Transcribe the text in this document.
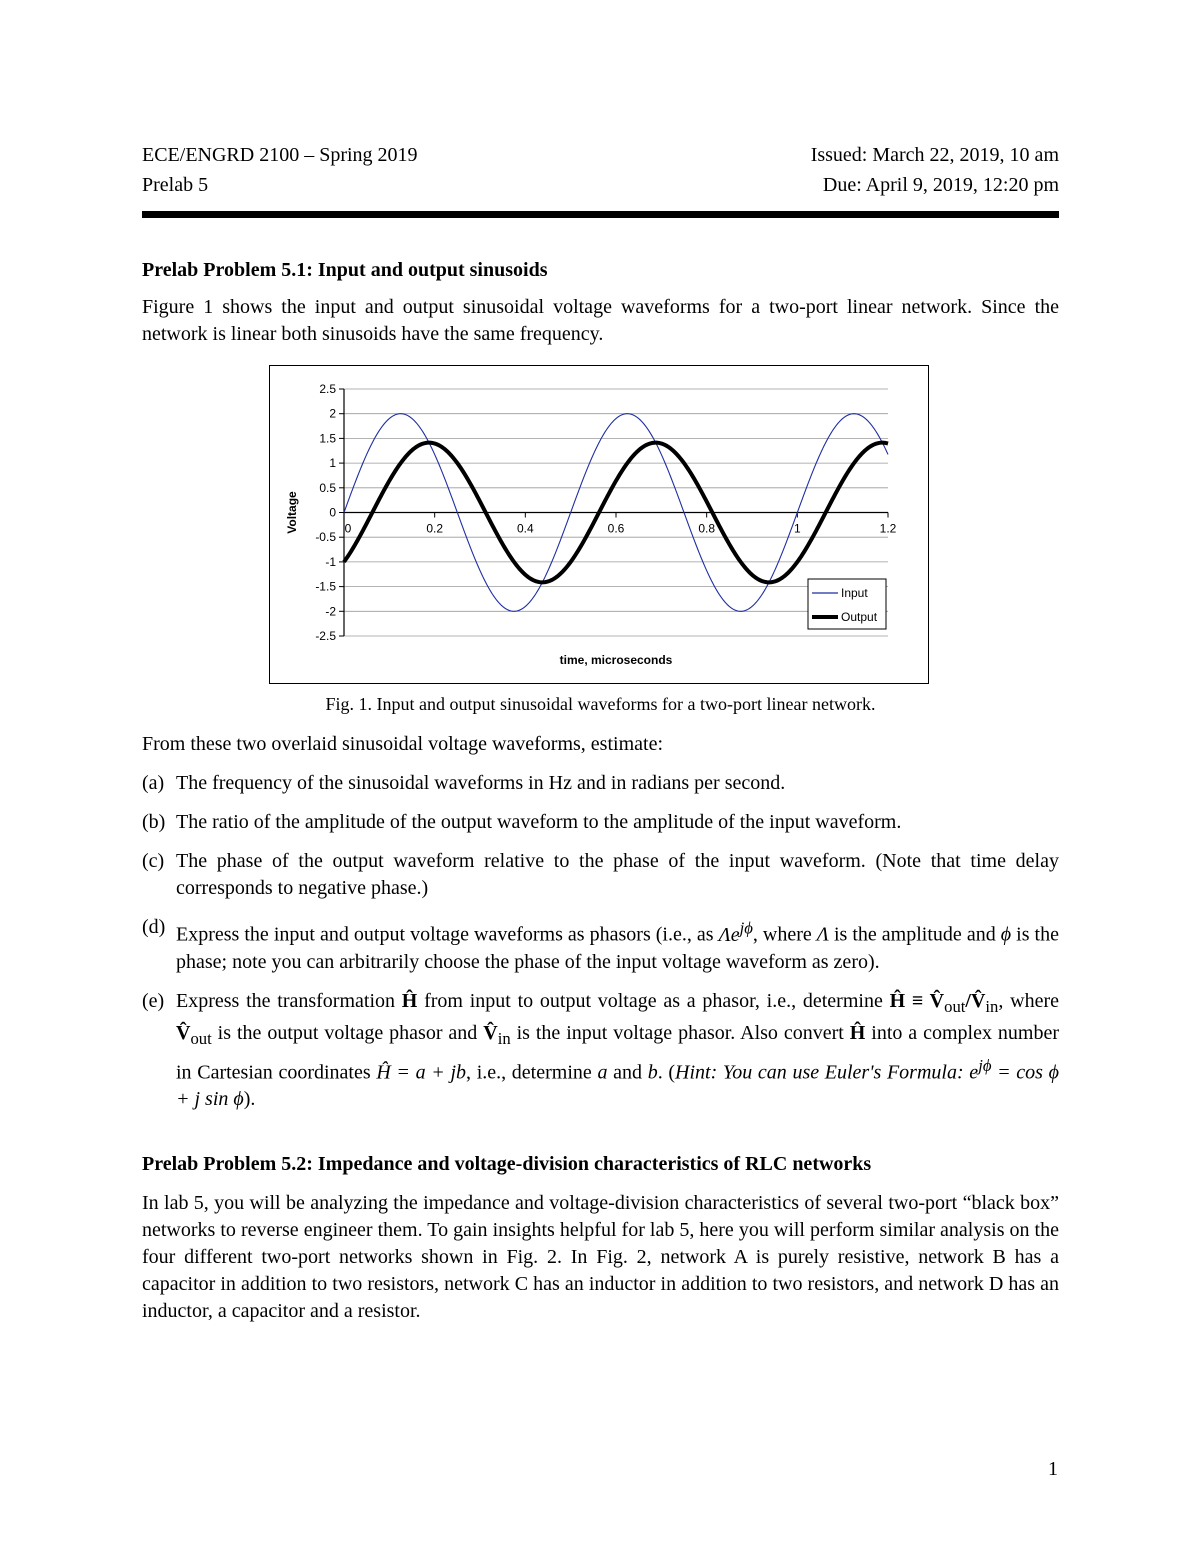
ECE/ENGRD 2100 – Spring 2019	Issued: March 22, 2019, 10 am
Prelab 5	Due: April 9, 2019, 12:20 pm
Prelab Problem 5.1: Input and output sinusoids

Figure 1 shows the input and output sinusoidal voltage waveforms for a two-port linear network. Since the network is linear both sinusoids have the same frequency.

2.5
2
1.5
1
0.5
0
-0.5
-1
-1.5
-2
-2.5
0	0.2	0.4	0.6	0.8	1	1.2
time, microseconds
Voltage
Input
Output
Fig. 1. Input and output sinusoidal waveforms for a two-port linear network.

From these two overlaid sinusoidal voltage waveforms, estimate:

(a) The frequency of the sinusoidal waveforms in Hz and in radians per second.
(b) The ratio of the amplitude of the output waveform to the amplitude of the input waveform.
(c) The phase of the output waveform relative to the phase of the input waveform. (Note that time delay corresponds to negative phase.)
(d) Express the input and output voltage waveforms as phasors (i.e., as $\Lambda e^{j\phi}$, where Λ is the amplitude and ϕ is the phase; note you can arbitrarily choose the phase of the input voltage waveform as zero).
(e) Express the transformation Ĥ from input to output voltage as a phasor, i.e., determine Ĥ ≡ $V̂_{out}/V̂_{in}$, where $V̂_{out}$ is the output voltage phasor and $V̂_{in}$ is the input voltage phasor. Also convert Ĥ into a complex number in Cartesian coordinates Ĥ = a + jb, i.e., determine a and b. (Hint: You can use Euler's Formula: $e^{j\phi} = \cos \phi + j$ sin ϕ).
Prelab Problem 5.2: Impedance and voltage-division characteristics of RLC networks

In lab 5, you will be analyzing the impedance and voltage-division characteristics of several two-port “black box” networks to reverse engineer them. To gain insights helpful for lab 5, here you will perform similar analysis on the four different two-port networks shown in Fig. 2. In Fig. 2, network A is purely resistive, network B has a capacitor in addition to two resistors, network C has an inductor in addition to two resistors, and network D has an inductor, a capacitor and a resistor.

1
